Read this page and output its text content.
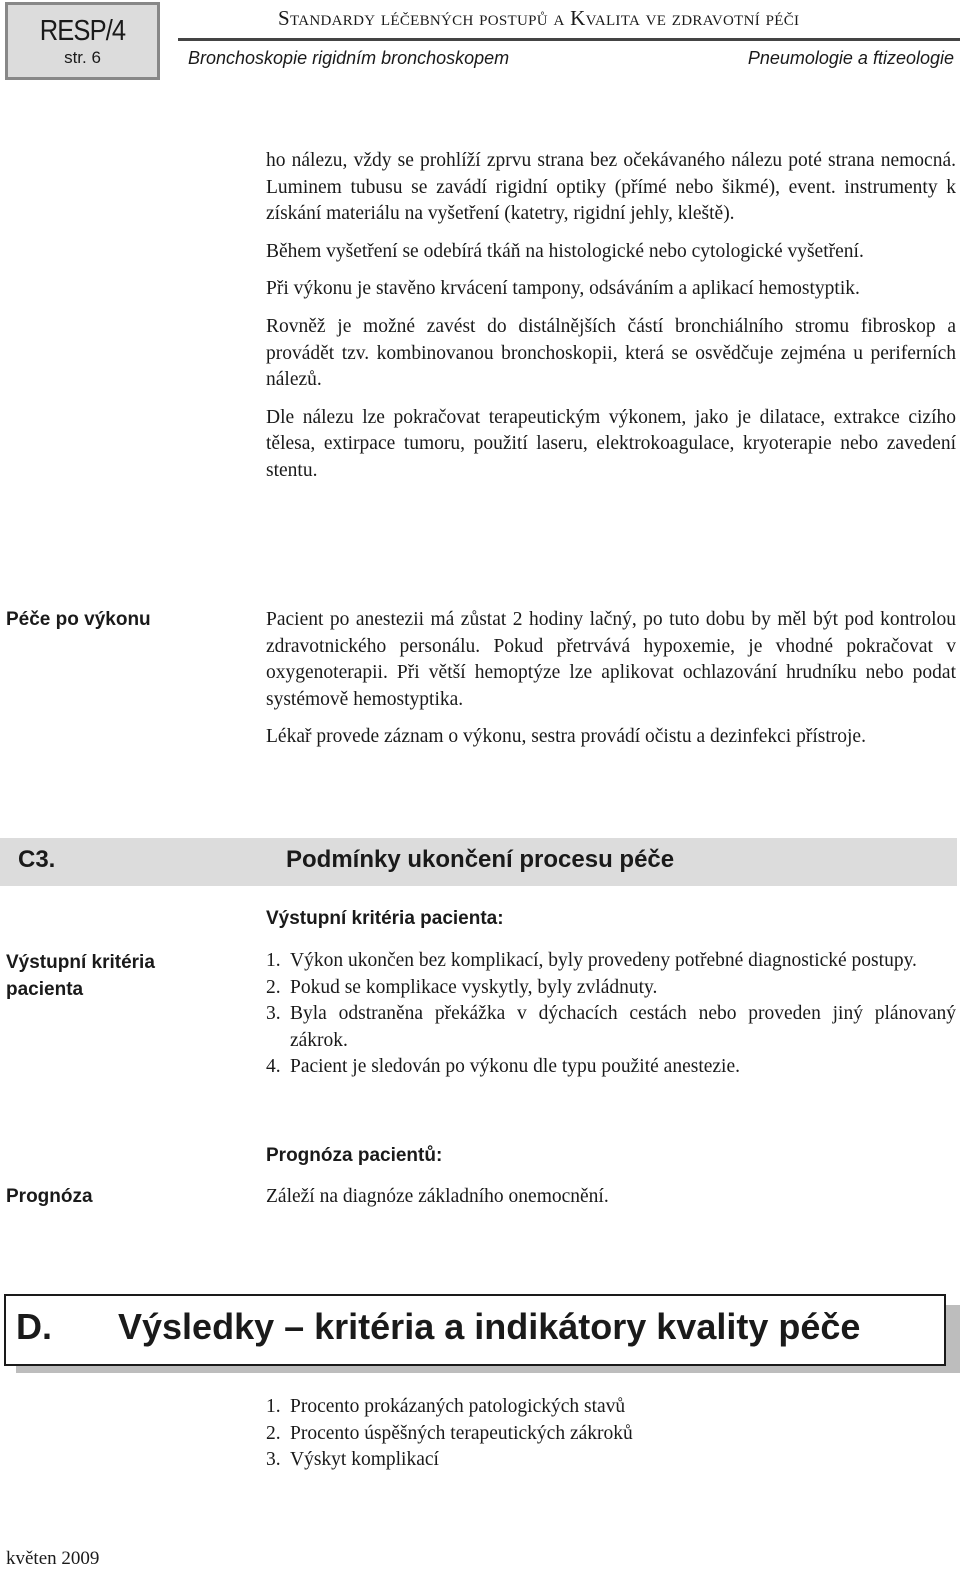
RESP/4
str. 6
Standardy léčebných postupů a Kvalita ve zdravotní péči
Bronchoskopie rigidním bronchoskopem	Pneumologie a ftizeologie

ho nálezu, vždy se prohlíží zprvu strana bez očekávaného nálezu poté strana nemocná. Luminem tubusu se zavádí rigidní optiky (přímé nebo šikmé), event. instrumenty k získání materiálu na vyšetření (katetry, rigidní jehly, kleště).

Během vyšetření se odebírá tkáň na histologické nebo cytologické vyšetření.

Při výkonu je stavěno krvácení tampony, odsáváním a aplikací hemostyptik.

Rovněž je možné zavést do distálnějších částí bronchiálního stromu fibroskop a provádět tzv. kombinovanou bronchoskopii, která se osvědčuje zejména u periferních nálezů.

Dle nálezu lze pokračovat terapeutickým výkonem, jako je dilatace, extrakce cizího tělesa, extirpace tumoru, použití laseru, elektrokoagulace, kryoterapie nebo zavedení stentu.

Péče po výkonu	Pacient po anestezii má zůstat 2 hodiny lačný, po tuto dobu by měl být pod kontrolou zdravotnického personálu. Pokud přetrvává hypoxemie, je vhodné pokračovat v oxygenoterapii. Při větší hemoptýze lze aplikovat ochlazování hrudníku nebo podat systémově hemostyptika.

Lékař provede záznam o výkonu, sestra provádí očistu a dezinfekci přístroje.

C3.	Podmínky ukončení procesu péče
Výstupní kritéria pacienta:
Výstupní kritéria pacienta
1. Výkon ukončen bez komplikací, byly provedeny potřebné diagnostické postupy.
2. Pokud se komplikace vyskytly, byly zvládnuty.
3. Byla odstraněna překážka v dýchacích cestách nebo proveden jiný plánovaný zákrok.
4. Pacient je sledován po výkonu dle typu použité anestezie.
Prognóza pacientů:
Prognóza	Záleží na diagnóze základního onemocnění.
D. Výsledky – kritéria a indikátory kvality péče
1. Procento prokázaných patologických stavů
2. Procento úspěšných terapeutických zákroků
3. Výskyt komplikací
květen 2009
